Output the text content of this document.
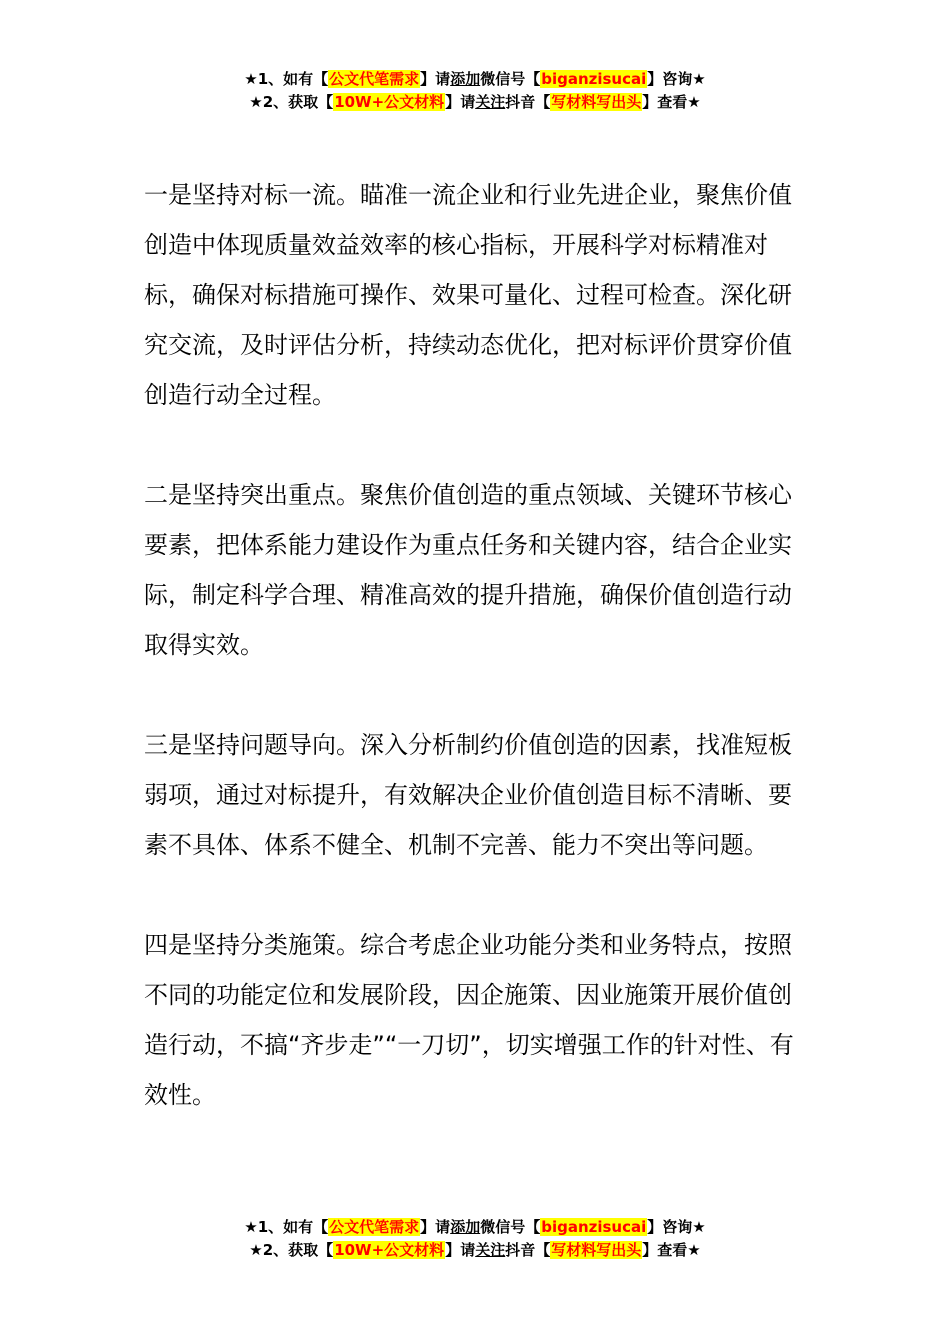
★1、如有【公文代笔需求】请添加微信号【biganzisucai】咨询★
★2、获取【10W+公文材料】请关注抖音【写材料写出头】查看★

一是坚持对标一流。瞄准一流企业和行业先进企业，聚焦价值创造中体现质量效益效率的核心指标，开展科学对标精准对标，确保对标措施可操作、效果可量化、过程可检查。深化研究交流，及时评估分析，持续动态优化，把对标评价贯穿价值创造行动全过程。

二是坚持突出重点。聚焦价值创造的重点领域、关键环节核心要素，把体系能力建设作为重点任务和关键内容，结合企业实际，制定科学合理、精准高效的提升措施，确保价值创造行动取得实效。

三是坚持问题导向。深入分析制约价值创造的因素，找准短板弱项，通过对标提升，有效解决企业价值创造目标不清晰、要素不具体、体系不健全、机制不完善、能力不突出等问题。

四是坚持分类施策。综合考虑企业功能分类和业务特点，按照不同的功能定位和发展阶段，因企施策、因业施策开展价值创造行动，不搞“齐步走”“一刀切”，切实增强工作的针对性、有效性。

★1、如有【公文代笔需求】请添加微信号【biganzisucai】咨询★
★2、获取【10W+公文材料】请关注抖音【写材料写出头】查看★
